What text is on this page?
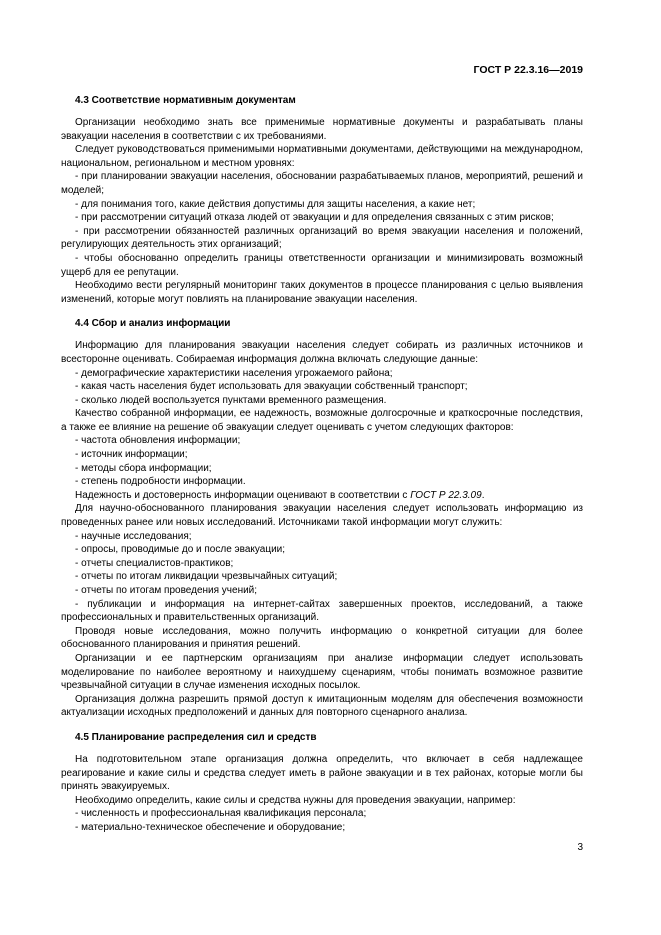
ГОСТ Р 22.3.16—2019
4.3 Соответствие нормативным документам

Организации необходимо знать все применимые нормативные документы и разрабатывать планы эвакуации населения в соответствии с их требованиями.

Следует руководствоваться применимыми нормативными документами, действующими на международном, национальном, региональном и местном уровнях:

- при планировании эвакуации населения, обосновании разрабатываемых планов, мероприятий, решений и моделей;

- для понимания того, какие действия допустимы для защиты населения, а какие нет;

- при рассмотрении ситуаций отказа людей от эвакуации и для определения связанных с этим рисков;

- при рассмотрении обязанностей различных организаций во время эвакуации населения и положений, регулирующих деятельность этих организаций;

- чтобы обоснованно определить границы ответственности организации и минимизировать возможный ущерб для ее репутации.

Необходимо вести регулярный мониторинг таких документов в процессе планирования с целью выявления изменений, которые могут повлиять на планирование эвакуации населения.

4.4 Сбор и анализ информации

Информацию для планирования эвакуации населения следует собирать из различных источников и всесторонне оценивать. Собираемая информация должна включать следующие данные:

- демографические характеристики населения угрожаемого района;

- какая часть населения будет использовать для эвакуации собственный транспорт;

- сколько людей воспользуется пунктами временного размещения.

Качество собранной информации, ее надежность, возможные долгосрочные и краткосрочные последствия, а также ее влияние на решение об эвакуации следует оценивать с учетом следующих факторов:

- частота обновления информации;

- источник информации;

- методы сбора информации;

- степень подробности информации.

Надежность и достоверность информации оценивают в соответствии с ГОСТ Р 22.3.09.

Для научно-обоснованного планирования эвакуации населения следует использовать информацию из проведенных ранее или новых исследований. Источниками такой информации могут служить:

- научные исследования;

- опросы, проводимые до и после эвакуации;

- отчеты специалистов-практиков;

- отчеты по итогам ликвидации чрезвычайных ситуаций;

- отчеты по итогам проведения учений;

- публикации и информация на интернет-сайтах завершенных проектов, исследований, а также профессиональных и правительственных организаций.

Проводя новые исследования, можно получить информацию о конкретной ситуации для более обоснованного планирования и принятия решений.

Организации и ее партнерским организациям при анализе информации следует использовать моделирование по наиболее вероятному и наихудшему сценариям, чтобы понимать возможное развитие чрезвычайной ситуации в случае изменения исходных посылок.

Организация должна разрешить прямой доступ к имитационным моделям для обеспечения возможности актуализации исходных предположений и данных для повторного сценарного анализа.

4.5 Планирование распределения сил и средств

На подготовительном этапе организация должна определить, что включает в себя надлежащее реагирование и какие силы и средства следует иметь в районе эвакуации и в тех районах, которые могли бы принять эвакуируемых.

Необходимо определить, какие силы и средства нужны для проведения эвакуации, например:

- численность и профессиональная квалификация персонала;

- материально-техническое обеспечение и оборудование;

3
